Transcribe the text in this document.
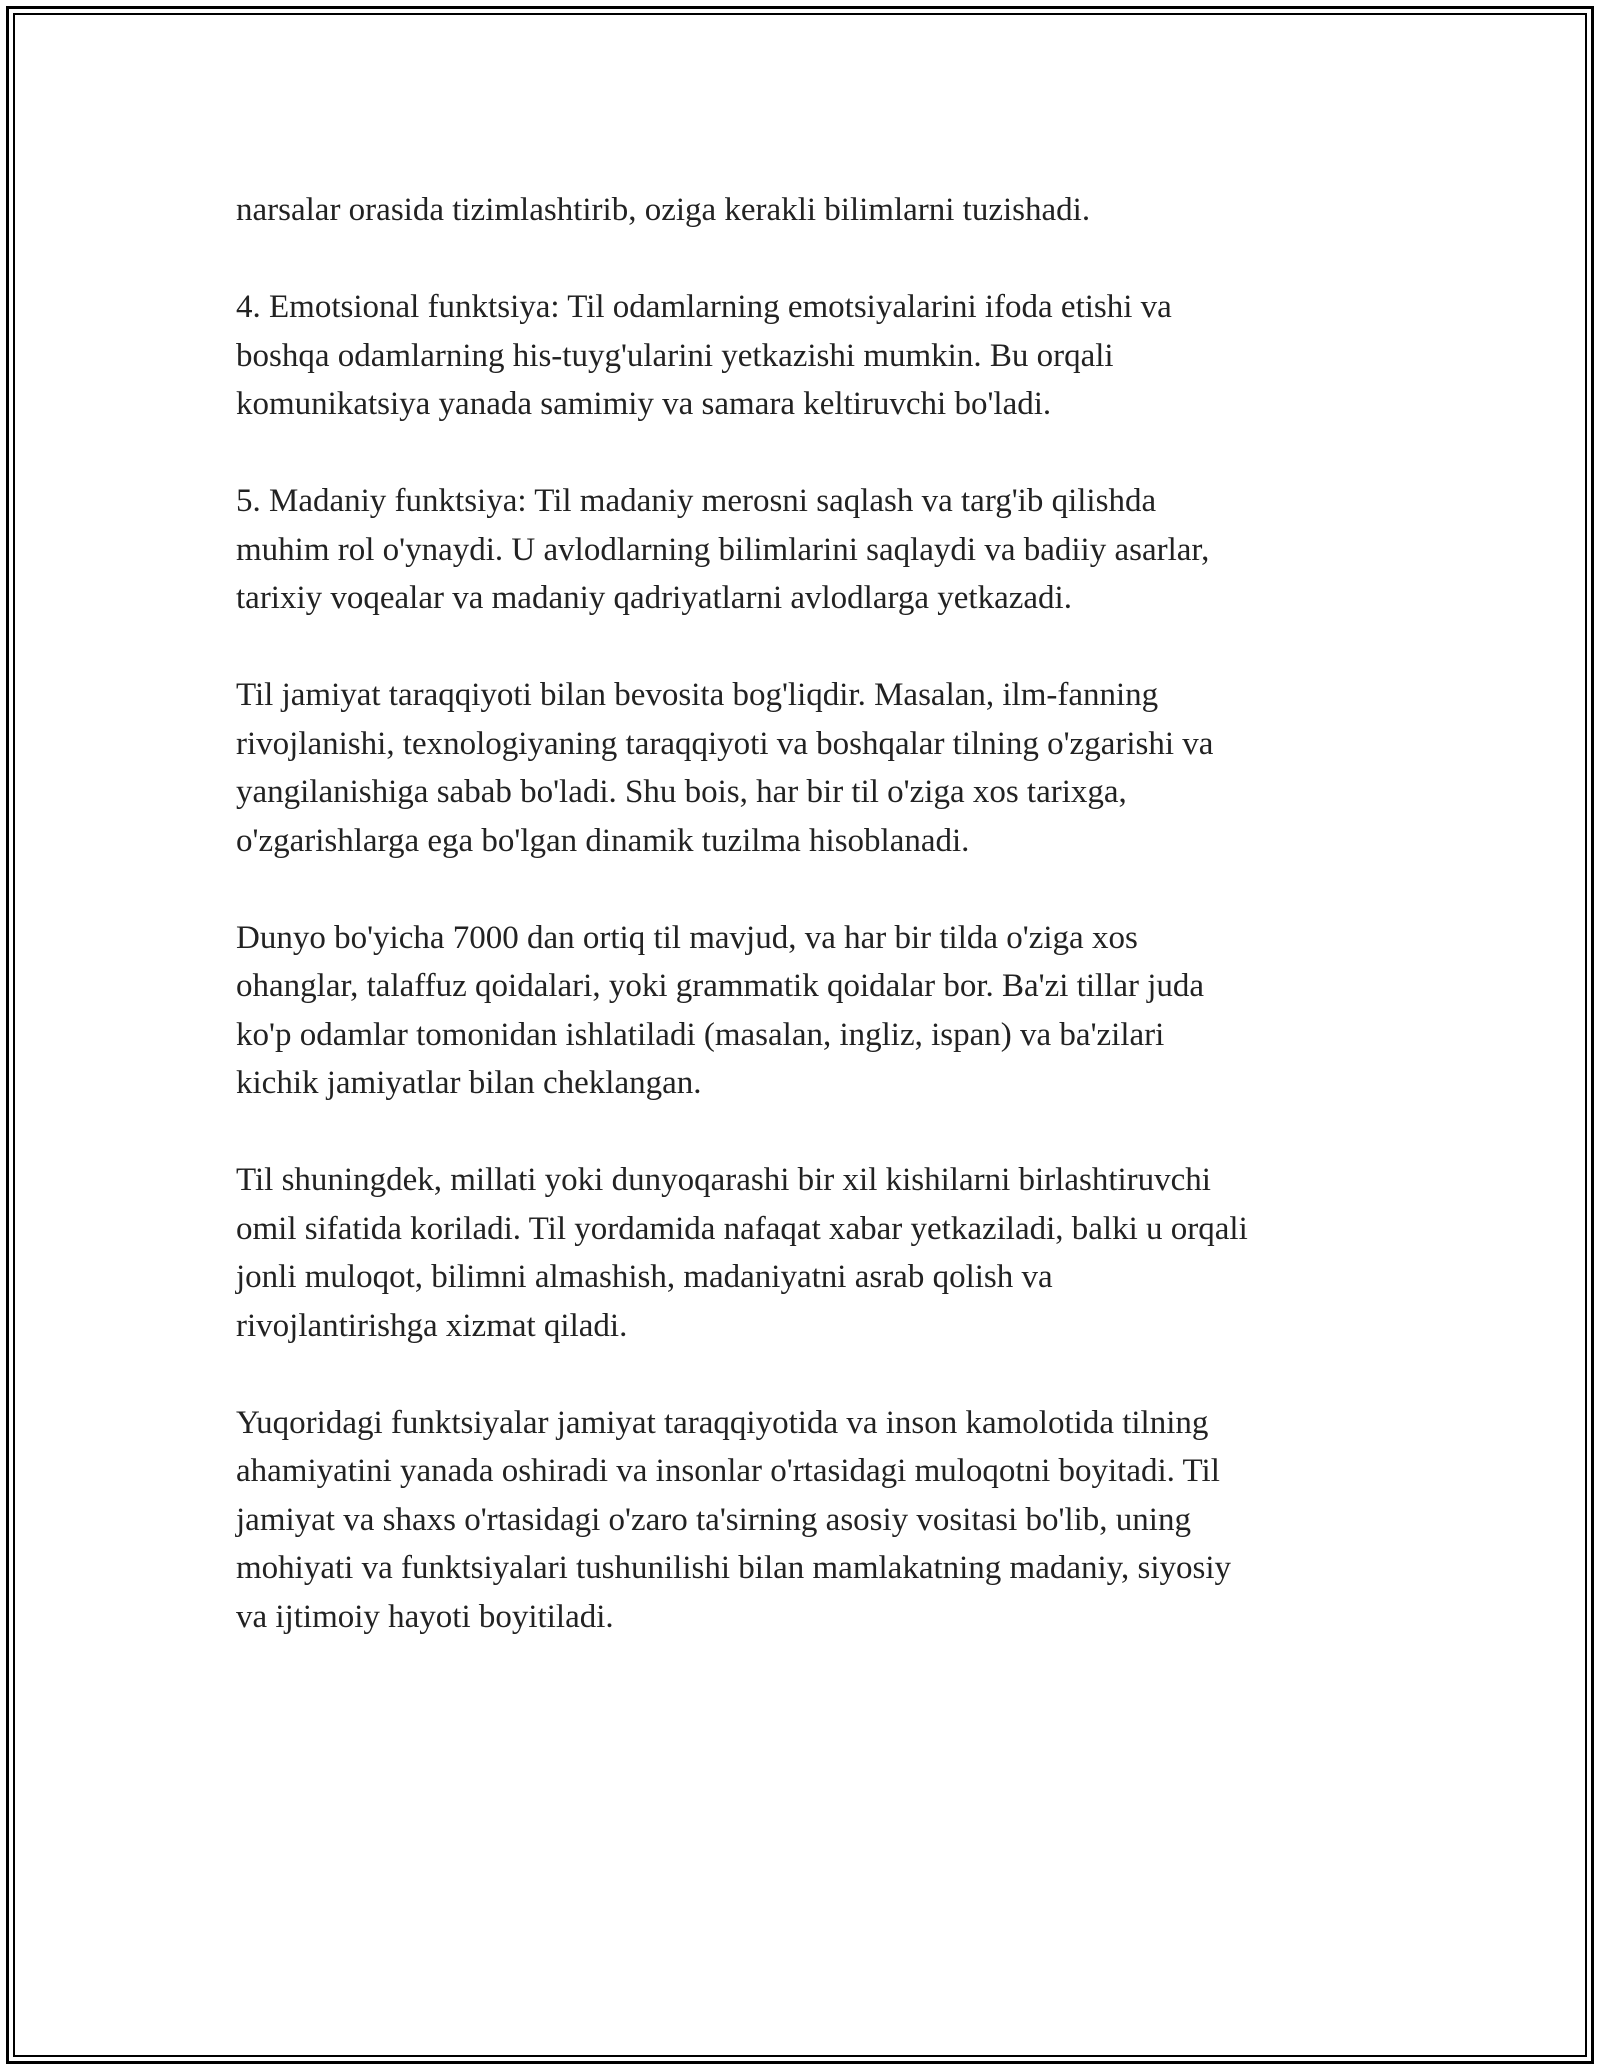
narsalar orasida tizimlashtirib, oziga kerakli bilimlarni tuzishadi.

4. Emotsional funktsiya: Til odamlarning emotsiyalarini ifoda etishi va
boshqa odamlarning his-tuyg'ularini yetkazishi mumkin. Bu orqali
komunikatsiya yanada samimiy va samara keltiruvchi bo'ladi.

5. Madaniy funktsiya: Til madaniy merosni saqlash va targ'ib qilishda
muhim rol o'ynaydi. U avlodlarning bilimlarini saqlaydi va badiiy asarlar,
tarixiy voqealar va madaniy qadriyatlarni avlodlarga yetkazadi.

Til jamiyat taraqqiyoti bilan bevosita bog'liqdir. Masalan, ilm-fanning
rivojlanishi, texnologiyaning taraqqiyoti va boshqalar tilning o'zgarishi va
yangilanishiga sabab bo'ladi. Shu bois, har bir til o'ziga xos tarixga,
o'zgarishlarga ega bo'lgan dinamik tuzilma hisoblanadi.

Dunyo bo'yicha 7000 dan ortiq til mavjud, va har bir tilda o'ziga xos
ohanglar, talaffuz qoidalari, yoki grammatik qoidalar bor. Ba'zi tillar juda
ko'p odamlar tomonidan ishlatiladi (masalan, ingliz, ispan) va ba'zilari
kichik jamiyatlar bilan cheklangan.

Til shuningdek, millati yoki dunyoqarashi bir xil kishilarni birlashtiruvchi
omil sifatida koriladi. Til yordamida nafaqat xabar yetkaziladi, balki u orqali
jonli muloqot, bilimni almashish, madaniyatni asrab qolish va
rivojlantirishga xizmat qiladi.

Yuqoridagi funktsiyalar jamiyat taraqqiyotida va inson kamolotida tilning
ahamiyatini yanada oshiradi va insonlar o'rtasidagi muloqotni boyitadi. Til
jamiyat va shaxs o'rtasidagi o'zaro ta'sirning asosiy vositasi bo'lib, uning
mohiyati va funktsiyalari tushunilishi bilan mamlakatning madaniy, siyosiy
va ijtimoiy hayoti boyitiladi.
